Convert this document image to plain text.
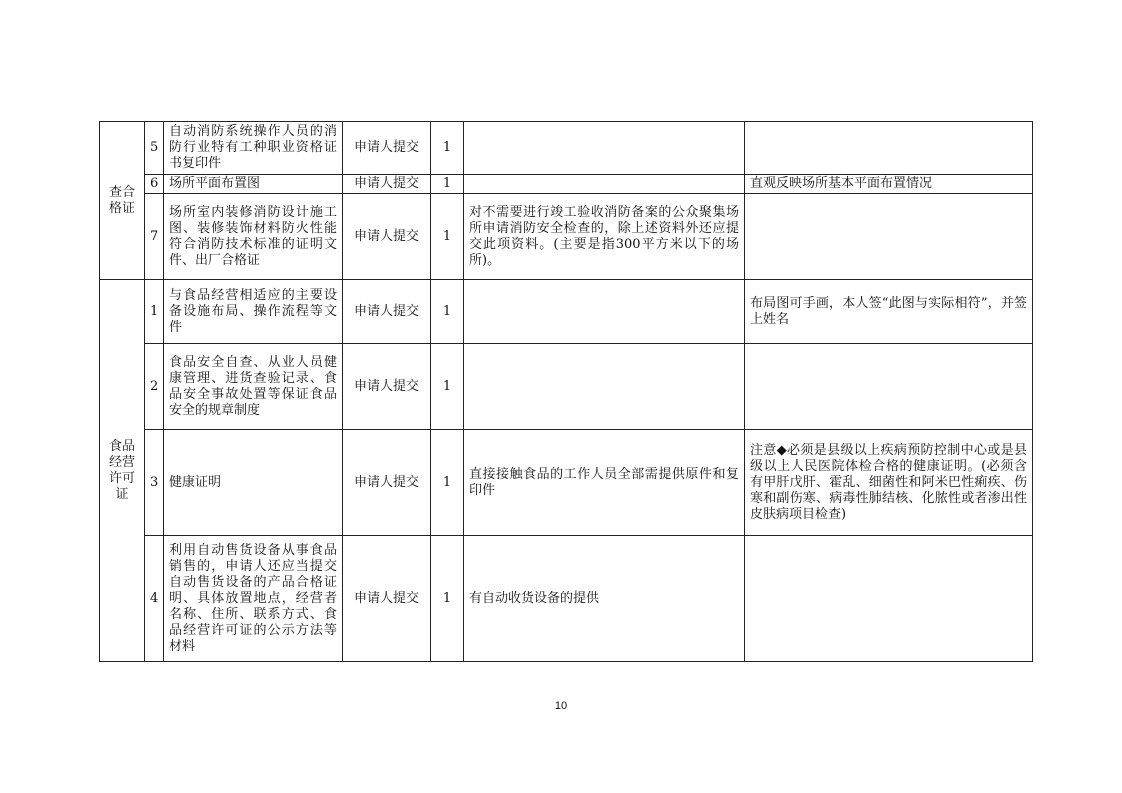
查合格证	5	自动消防系统操作人员的消防行业特有工种职业资格证书复印件	申请人提交	1		
	6	场所平面布置图	申请人提交	1		直观反映场所基本平面布置情况
	7	场所室内装修消防设计施工图、装修装饰材料防火性能符合消防技术标准的证明文件、出厂合格证	申请人提交	1	对不需要进行竣工验收消防备案的公众聚集场所申请消防安全检查的，除上述资料外还应提交此项资料。(主要是指300平方米以下的场所)。	
食品经营许可证	1	与食品经营相适应的主要设备设施布局、操作流程等文件	申请人提交	1		布局图可手画，本人签“此图与实际相符”，并签上姓名
	2	食品安全自查、从业人员健康管理、进货查验记录、食品安全事故处置等保证食品安全的规章制度	申请人提交	1		
	3	健康证明	申请人提交	1	直接接触食品的工作人员全部需提供原件和复印件	注意◆必须是县级以上疾病预防控制中心或是县级以上人民医院体检合格的健康证明。(必须含有甲肝戊肝、霍乱、细菌性和阿米巴性痢疾、伤寒和副伤寒、病毒性肺结核、化脓性或者渗出性皮肤病项目检查)
	4	利用自动售货设备从事食品销售的，申请人还应当提交自动售货设备的产品合格证明、具体放置地点，经营者名称、住所、联系方式、食品经营许可证的公示方法等材料	申请人提交	1	有自动收货设备的提供	
10
